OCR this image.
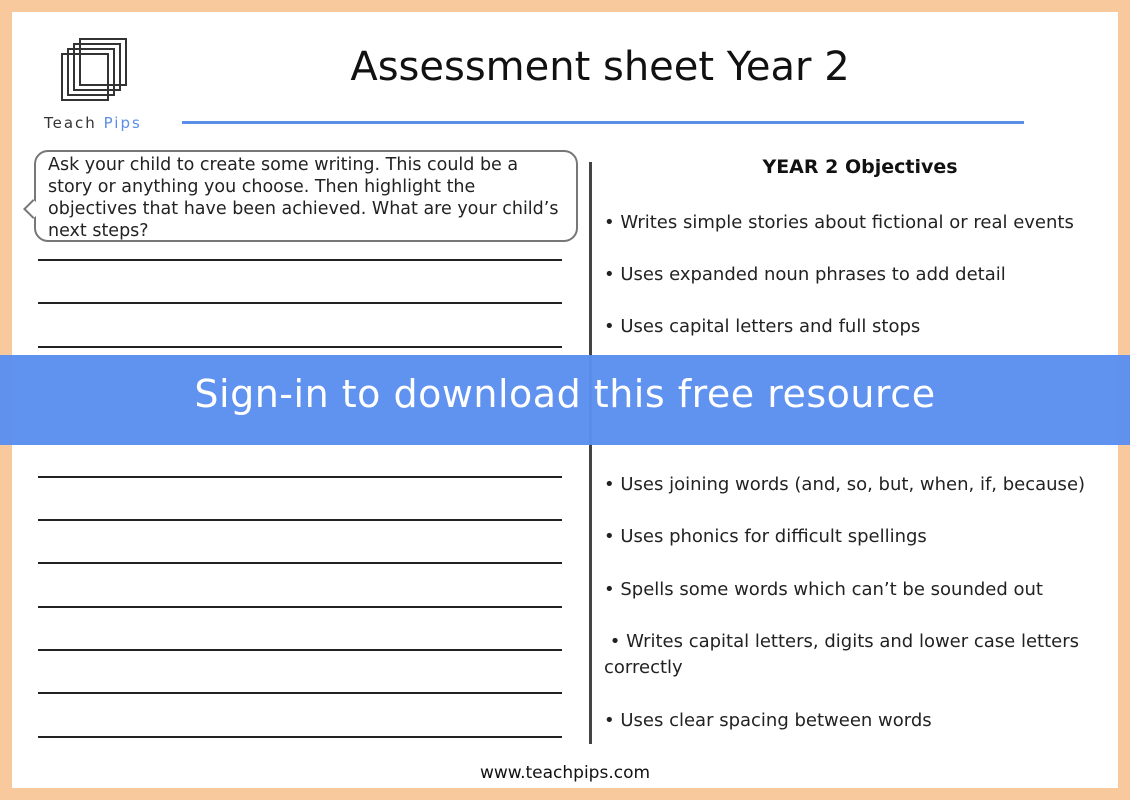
Teach Pips
Assessment sheet Year 2
Ask your child to create some writing. This could be a story or anything you choose. Then highlight the objectives that have been achieved. What are your child’s next steps?
YEAR 2 Objectives
• Writes simple stories about fictional or real events
• Uses expanded noun phrases to add detail
• Uses capital letters and full stops
• Uses joining words (and, so, but, when, if, because)
• Uses phonics for difficult spellings
• Spells some words which can’t be sounded out
• Writes capital letters, digits and lower case letters correctly
• Uses clear spacing between words
Sign-in to download this free resource
www.teachpips.com
